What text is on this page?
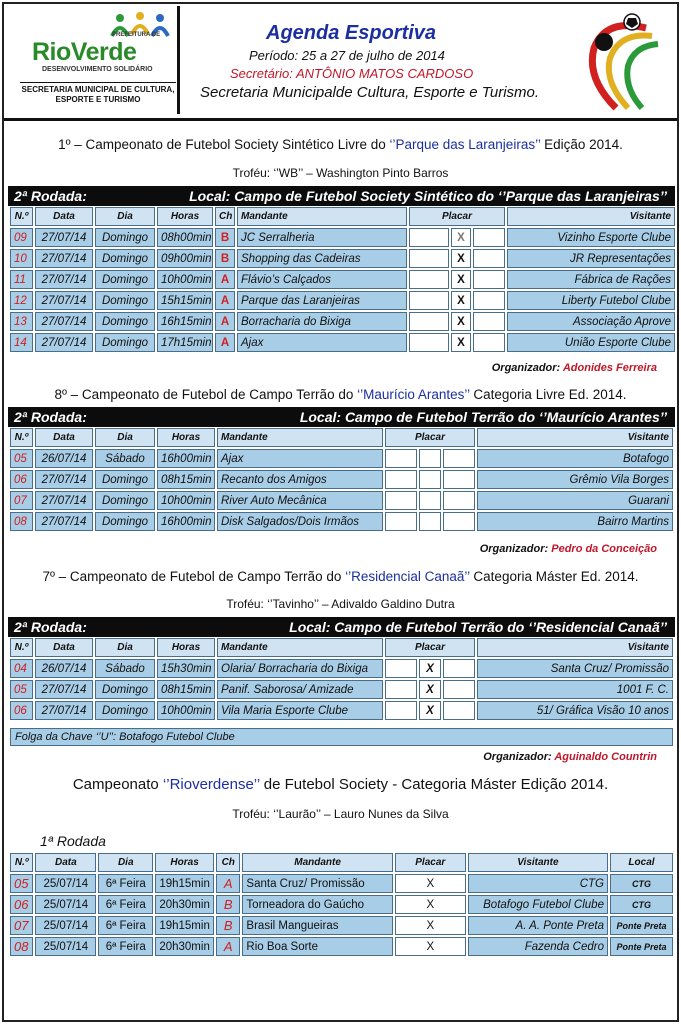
PREFEITURA DE
RioVerde
DESENVOLVIMENTO SOLIDÁRIO
SECRETARIA MUNICIPAL DE CULTURA, ESPORTE E TURISMO
Agenda Esportiva
Período: 25 a 27 de julho de 2014
Secretário: ANTÔNIO MATOS CARDOSO
Secretaria Municipalde Cultura, Esporte e Turismo.
1º – Campeonato de Futebol Society Sintético Livre do ‘’Parque das Laranjeiras’’ Edição 2014.
Troféu: ‘’WB’’ – Washington Pinto Barros
2ª Rodada:	Local: Campo de Futebol Society Sintético do ‘’Parque das Laranjeiras’’
N.º	Data	Dia	Horas	Ch	Mandante	Placar			Visitante
09	27/07/14	Domingo	08h00min	B	JC Serralheria		X		Vizinho Esporte Clube
10	27/07/14	Domingo	09h00min	B	Shopping das Cadeiras		X		JR Representações
11	27/07/14	Domingo	10h00min	A	Flávio’s Calçados		X		Fábrica de Rações
12	27/07/14	Domingo	15h15min	A	Parque das Laranjeiras		X		Liberty Futebol Clube
13	27/07/14	Domingo	16h15min	A	Borracharia do Bixiga		X		Associação Aprove
14	27/07/14	Domingo	17h15min	A	Ajax		X		União Esporte Clube
Organizador: Adonides Ferreira
8º – Campeonato de Futebol de Campo Terrão do ‘’Maurício Arantes’’ Categoria Livre Ed. 2014.
2ª Rodada:	Local: Campo de Futebol Terrão do ‘’Maurício Arantes’’
N.º	Data	Dia	Horas	Mandante	Placar			Visitante
05	26/07/14	Sábado	16h00min	Ajax				Botafogo
06	27/07/14	Domingo	08h15min	Recanto dos Amigos				Grêmio Vila Borges
07	27/07/14	Domingo	10h00min	River Auto Mecânica				Guarani
08	27/07/14	Domingo	16h00min	Disk Salgados/Dois Irmãos				Bairro Martins
Organizador: Pedro da Conceição
7º – Campeonato de Futebol de Campo Terrão do ‘’Residencial Canaã’’ Categoria Máster Ed. 2014.
Troféu: ‘’Tavinho’’ – Adivaldo Galdino Dutra
2ª Rodada:	Local: Campo de Futebol Terrão do ‘’Residencial Canaã’’
N.º	Data	Dia	Horas	Mandante	Placar			Visitante
04	26/07/14	Sábado	15h30min	Olaria/ Borracharia do Bixiga		X		Santa Cruz/ Promissão
05	27/07/14	Domingo	08h15min	Panif. Saborosa/ Amizade		X		1001 F. C.
06	27/07/14	Domingo	10h00min	Vila Maria Esporte Clube		X		51/ Gráfica Visão 10 anos
Folga da Chave ‘’U’’: Botafogo Futebol Clube
Organizador: Aguinaldo Countrin
Campeonato ‘’Rioverdense’’ de Futebol Society - Categoria Máster Edição 2014.
Troféu: ‘’Laurão’’ – Lauro Nunes da Silva
1ª Rodada
N.º	Data	Dia	Horas	Ch	Mandante	Placar	Visitante	Local
05	25/07/14	6ª Feira	19h15min	A	Santa Cruz/ Promissão	X	CTG	CTG
06	25/07/14	6ª Feira	20h30min	B	Torneadora do Gaúcho	X	Botafogo Futebol Clube	CTG
07	25/07/14	6ª Feira	19h15min	B	Brasil Mangueiras	X	A. A. Ponte Preta	Ponte Preta
08	25/07/14	6ª Feira	20h30min	A	Rio Boa Sorte	X	Fazenda Cedro	Ponte Preta
